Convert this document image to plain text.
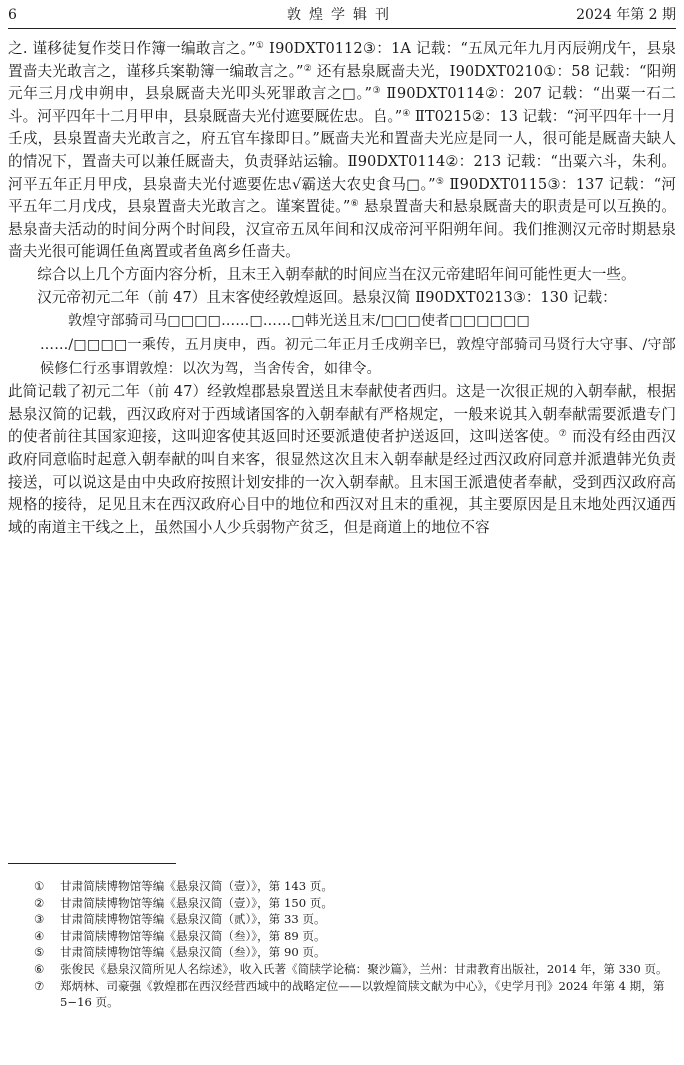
6	敦煌学辑刊	2024 年第 2 期

之. 谨移徒复作茭日作簿一编敢言之。”① Ⅰ90DXT0112③：1A 记载：“五凤元年九月丙辰朔戊午，县泉置啬夫光敢言之，谨移兵案勒簿一编敢言之。”② 还有悬泉厩啬夫光，Ⅰ90DXT0210①：58 记载：“阳朔元年三月戊申朔申，县泉厩啬夫光叩头死罪敢言之□。”③ Ⅱ90DXT0114②：207 记载：“出粟一石二斗。河平四年十二月甲申，县泉厩啬夫光付遮要厩佐忠。𠂤。”④ ⅡT0215②：13 记载：“河平四年十一月壬戌，县泉置啬夫光敢言之，府五官车掾即日。”厩啬夫光和置啬夫光应是同一人，很可能是厩啬夫缺人的情况下，置啬夫可以兼任厩啬夫，负责驿站运输。Ⅱ90DXT0114②：213 记载：“出粟六斗，朱利。河平五年正月甲戌，县泉啬夫光付遮要佐忠√霸送大农史食马□。”⑤ Ⅱ90DXT0115③：137 记载：“河平五年二月戊戌，县泉置啬夫光敢言之。谨案置徒。”⑥ 悬泉置啬夫和悬泉厩啬夫的职责是可以互换的。悬泉啬夫活动的时间分两个时间段，汉宣帝五凤年间和汉成帝河平阳朔年间。我们推测汉元帝时期悬泉啬夫光很可能调任鱼离置或者鱼离乡任啬夫。

综合以上几个方面内容分析，且末王入朝奉献的时间应当在汉元帝建昭年间可能性更大一些。

汉元帝初元二年（前 47）且末客使经敦煌返回。悬泉汉简 Ⅱ90DXT0213③：130 记载：

敦煌守部骑司马□□□□……□……□韩光送且末/□□□使者□□□□□□
……/□□□□一乘传，五月庚申，西。初元二年正月壬戌朔辛巳，敦煌守部骑司马贤行大守事、/守部候修仁行丞事谓敦煌：以次为驾，当舍传舍，如律令。

此简记载了初元二年（前 47）经敦煌郡悬泉置送且末奉献使者西归。这是一次很正规的入朝奉献，根据悬泉汉简的记载，西汉政府对于西域诸国客的入朝奉献有严格规定，一般来说其入朝奉献需要派遣专门的使者前往其国家迎接，这叫迎客使其返回时还要派遣使者护送返回，这叫送客使。⑦ 而没有经由西汉政府同意临时起意入朝奉献的叫自来客，很显然这次且末入朝奉献是经过西汉政府同意并派遣韩光负责接送，可以说这是由中央政府按照计划安排的一次入朝奉献。且末国王派遣使者奉献，受到西汉政府高规格的接待，足见且末在西汉政府心目中的地位和西汉对且末的重视，其主要原因是且末地处西汉通西域的南道主干线之上，虽然国小人少兵弱物产贫乏，但是商道上的地位不容

① 甘肃简牍博物馆等编《悬泉汉简（壹）》，第 143 页。
② 甘肃简牍博物馆等编《悬泉汉简（壹）》，第 150 页。
③ 甘肃简牍博物馆等编《悬泉汉简（贰）》，第 33 页。
④ 甘肃简牍博物馆等编《悬泉汉简（叁）》，第 89 页。
⑤ 甘肃简牍博物馆等编《悬泉汉简（叁）》，第 90 页。
⑥ 张俊民《悬泉汉简所见人名综述》，收入氏著《简牍学论稿：聚沙篇》，兰州：甘肃教育出版社，2014 年，第 330 页。
⑦ 郑炳林、司豪强《敦煌郡在西汉经营西域中的战略定位——以敦煌简牍文献为中心》，《史学月刊》2024 年第 4 期，第 5−16 页。
